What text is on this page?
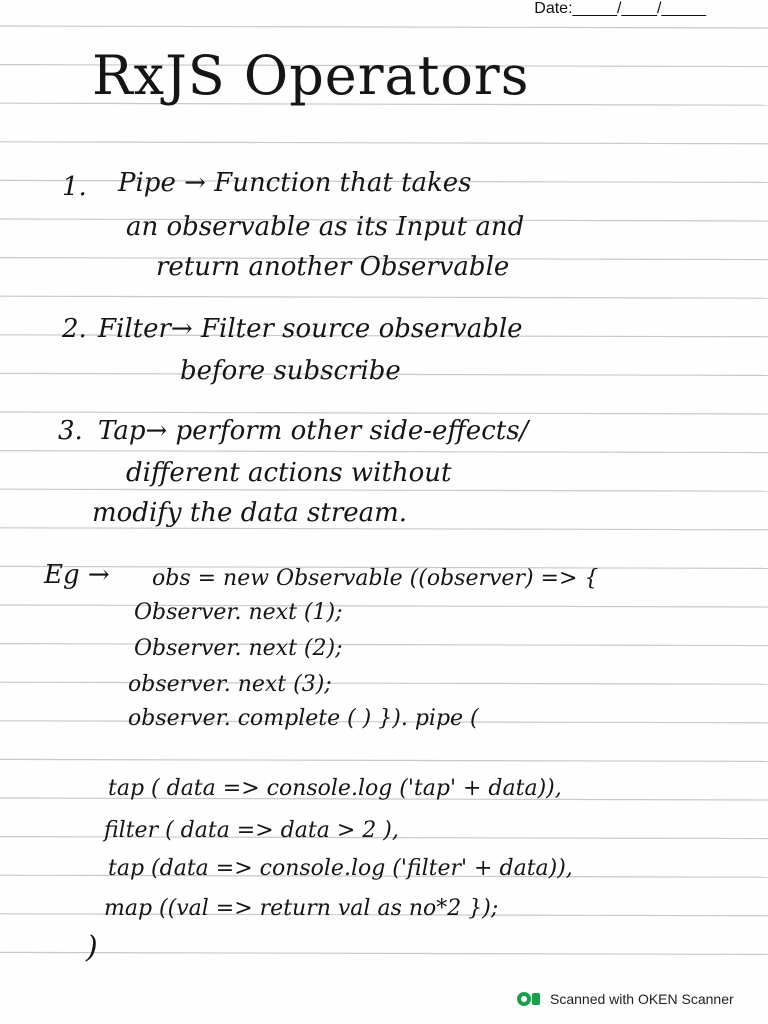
Date:_____/____/_____
RxJS Operators
1. Pipe → Function that takes
an observable as its Input and
return another Observable
2. Filter→ Filter source observable
before subscribe
3. Tap→ perform other side-effects/
different actions without
modify the data stream.
Eg → obs = new Observable ((observer) => {
Observer. next (1);
Observer. next (2);
observer. next (3);
observer. complete ( ) }). pipe (
tap ( data => console.log ('tap' + data)),
filter ( data => data > 2 ),
tap (data => console.log ('filter' + data)),
map ((val => return val as no*2 });
)
Scanned with OKEN Scanner
